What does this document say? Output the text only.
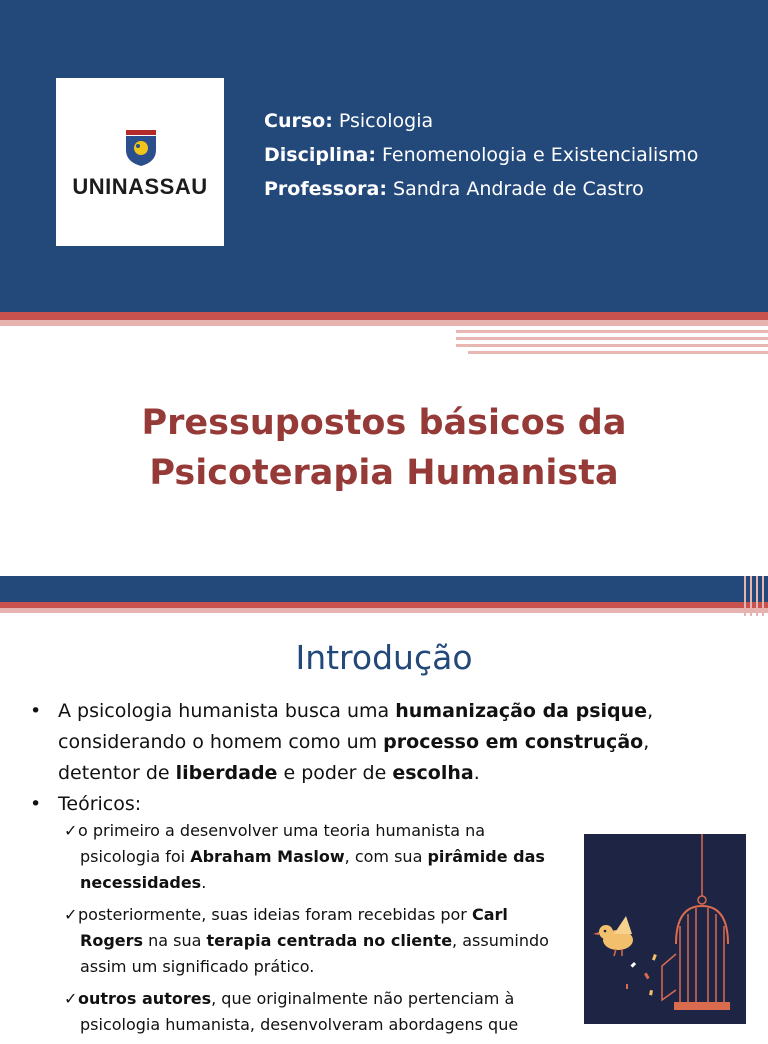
UNINASSAU
Curso: Psicologia
Disciplina: Fenomenologia e Existencialismo
Professora: Sandra Andrade de Castro
Pressupostos básicos da
Psicoterapia Humanista
Introdução
• A psicologia humanista busca uma humanização da psique,
considerando o homem como um processo em construção,
detentor de liberdade e poder de escolha.
• Teóricos:
✓o primeiro a desenvolver uma teoria humanista na psicologia foi Abraham Maslow, com sua pirâmide das necessidades.
✓posteriormente, suas ideias foram recebidas por Carl Rogers na sua terapia centrada no cliente, assumindo assim um significado prático.
✓outros autores, que originalmente não pertenciam à psicologia humanista, desenvolveram abordagens que
